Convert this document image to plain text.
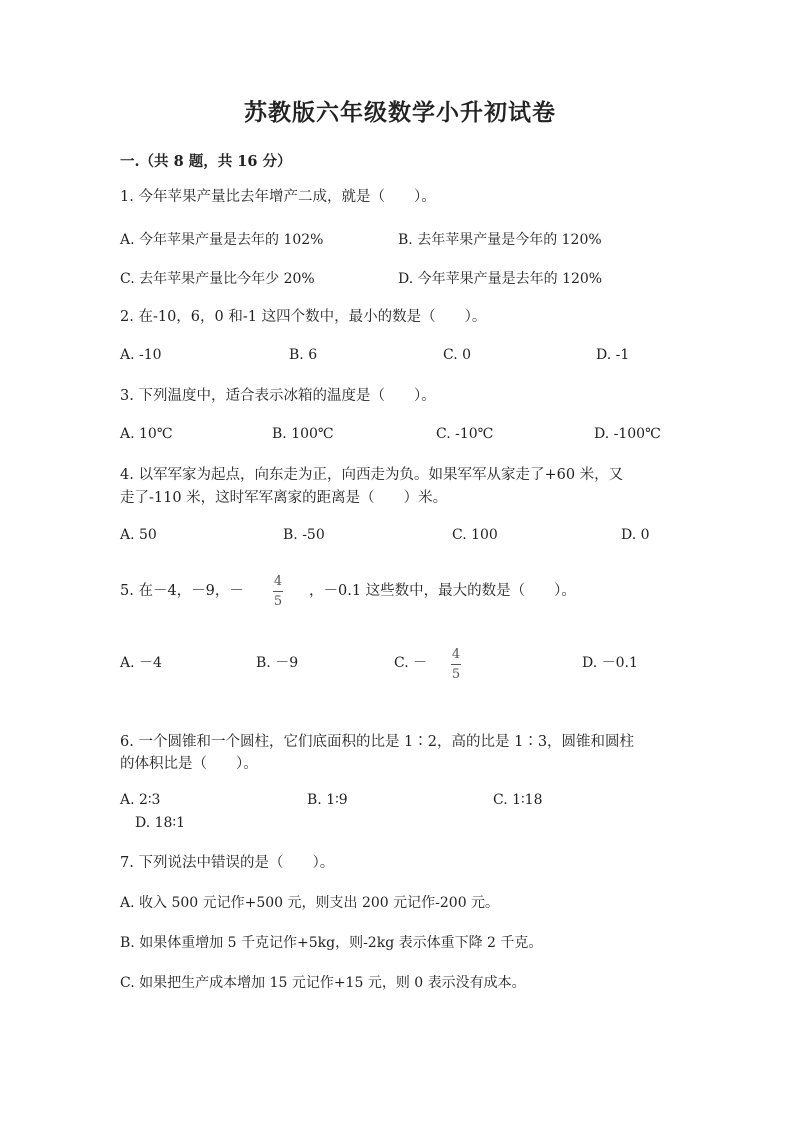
苏教版六年级数学小升初试卷
一.（共 8 题，共 16 分）
1. 今年苹果产量比去年增产二成，就是（　　）。
A. 今年苹果产量是去年的 102%	B. 去年苹果产量是今年的 120%
C. 去年苹果产量比今年少 20%	D. 今年苹果产量是去年的 120%
2. 在-10，6，0 和-1 这四个数中，最小的数是（　　）。
A. -10	B. 6	C. 0	D. -1
3. 下列温度中，适合表示冰箱的温度是（　　）。
A. 10℃	B. 100℃	C. -10℃	D. -100℃
4. 以军军家为起点，向东走为正，向西走为负。如果军军从家走了+60 米，又
走了-110 米，这时军军离家的距离是（　　）米。
A. 50	B. -50	C. 100	D. 0
5. 在－4，－9，－
4
5
，－0.1 这些数中，最大的数是（　　）。
A. －4	B. －9	C. －
4
5
D. －0.1
6. 一个圆锥和一个圆柱，它们底面积的比是 1∶2，高的比是 1∶3，圆锥和圆柱
的体积比是（　　）。
A. 2∶3	B. 1∶9	C. 1∶18
D. 18∶1
7. 下列说法中错误的是（　　）。
A. 收入 500 元记作+500 元，则支出 200 元记作-200 元。
B. 如果体重增加 5 千克记作+5kg，则-2kg 表示体重下降 2 千克。
C. 如果把生产成本增加 15 元记作+15 元，则 0 表示没有成本。
